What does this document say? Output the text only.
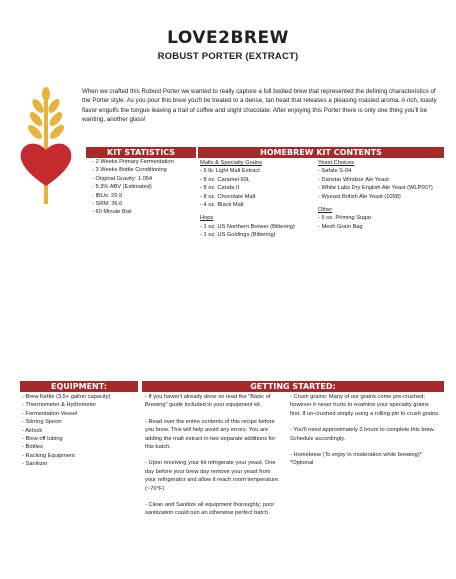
LOVE2BREW
ROBUST PORTER (EXTRACT)

When we crafted this Robust Porter we wanted to really capture a full bodied brew that represented the defining characteristics of the Porter style. As you pour this brew you'll be treated to a dense, tan head that releases a pleasing roasted aroma. A rich, toasty flavor engulfs the tongue leaving a trail of coffee and slight chocolate. After enjoying this Porter there is only one thing you'll be wanting, another glass!

KIT STATISTICS
- 2 Weeks Primary Fermentation
- 3 Weeks Bottle Conditioning
- Original Gravity: 1.054
- 5.3% ABV (Estimated)
- IBUs: 29.9
- SRM: 36.6
- 60 Minute Boil
HOMEBREW KIT CONTENTS
Malts & Specialty Grains
- 6 lb. Light Malt Extract
- 8 oz. Caramel 60L
- 8 oz. Carafa II
- 8 oz. Chocolate Malt
- 4 oz. Black Malt
Hops
- 1 oz. US Northern Brewer (Bittering)
- 1 oz. US Goldings (Bittering)
Yeast Choices
- Safale S-04
- Danstar Windsor Ale Yeast
- White Labs Dry English Ale Yeast (WLP007)
- Wyeast British Ale Yeast (1098)
Other
- 5 oz. Priming Sugar
- Mesh Grain Bag
EQUIPMENT:
- Brew Kettle (3.5+ gallon capacity)
- Thermometer & Hydrometer
- Fermentation Vessel
- Stirring Spoon
- Airlock
- Blow off tubing
- Bottles
- Racking Equipment
- Sanitizer
GETTING STARTED:
- If you haven't already done so read the "Basic of Brewing" guide included in your equipment kit.
- Read over the entire contents of this recipe before you brew. This will help avoid any errors. You are adding the malt extract in two separate additions for this batch.
- Upon receiving your kit refrigerate your yeast. One day before your brew day remove your yeast from your refrigerator and allow it reach room temperature. (~70°F)
- Clean and Sanitize all equipment thoroughly; poor sanitization could ruin an otherwise perfect batch.
- Crush grains: Many of our grains come pre-crushed; however it never hurts to examine your specialty grains first. If un-crushed simply using a rolling pin to crush grains.
- You'll need approximately 3 hours to complete this brew. Schedule accordingly.
- Homebrew (To enjoy in moderation while brewing)*
*Optional
